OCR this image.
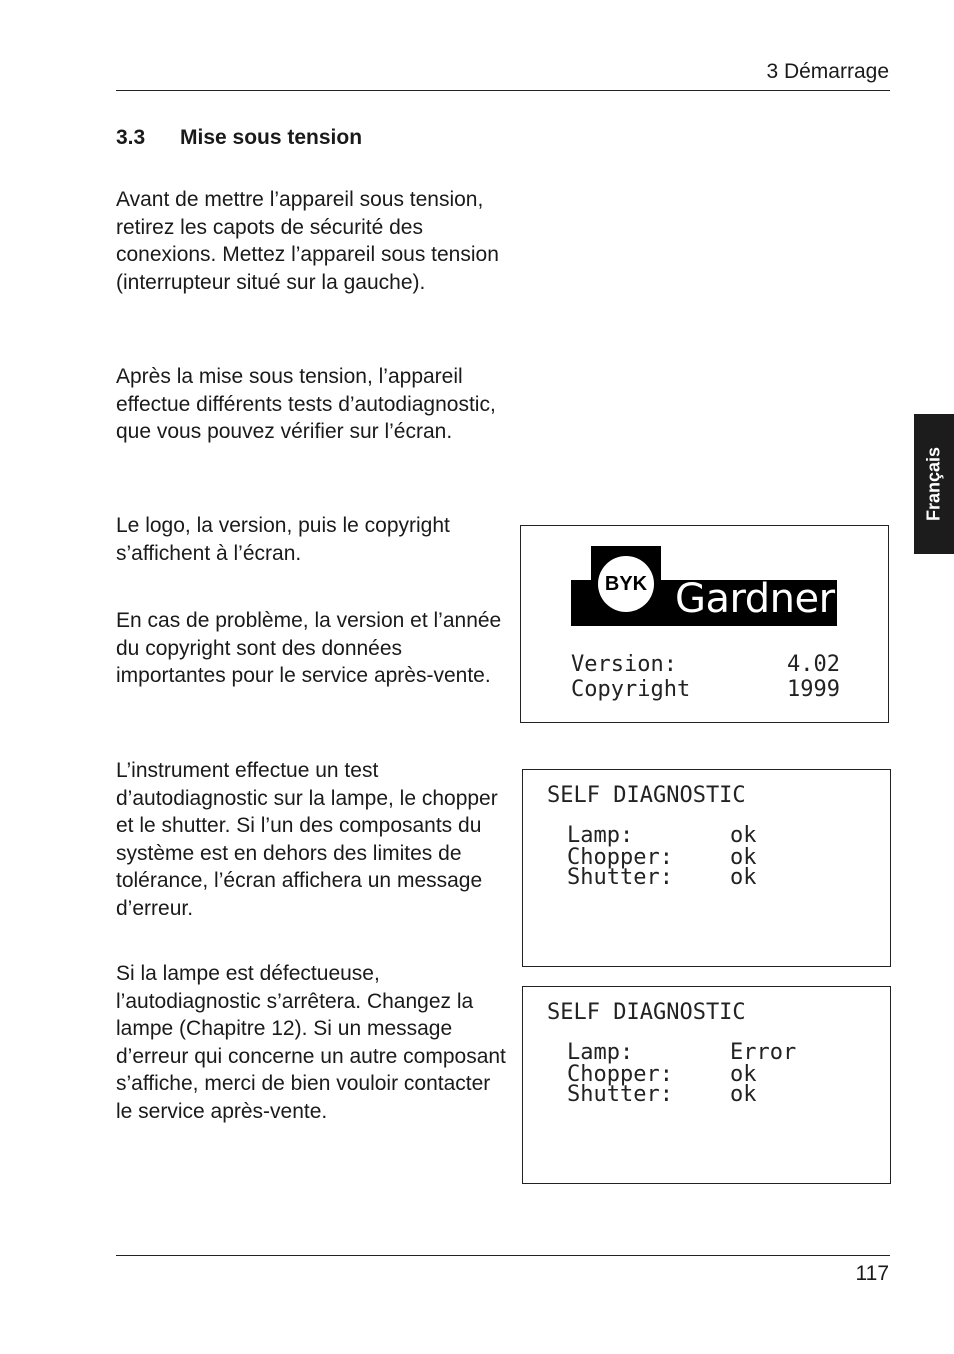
3 Démarrage
3.3 Mise sous tension

Avant de mettre l’appareil sous tension, retirez les capots de sécurité des conexions. Mettez l’appareil sous tension (interrupteur situé sur la gauche).

Après la mise sous tension, l’appareil effectue différents tests d’autodiagnostic, que vous pouvez vérifier sur l’écran.

Le logo, la version, puis le copyright s’affichent à l’écran.

En cas de problème, la version et l’année du copyright sont des données importantes pour le service après-vente.

L’instrument effectue un test d’autodiagnostic sur la lampe, le chopper et le shutter. Si l’un des composants du système est en dehors des limites de tolérance, l’écran affichera un message d’erreur.

Si la lampe est défectueuse, l’autodiagnostic s’arrêtera. Changez la lampe (Chapitre 12). Si un message d’erreur qui concerne un autre composant s’affiche, merci de bien vouloir contacter le service après-vente.

Français
BYK Gardner
Version:	4.02
Copyright	1999
SELF DIAGNOSTIC
Lamp:	ok
Chopper:	ok
Shutter:	ok
SELF DIAGNOSTIC
Lamp:	Error
Chopper:	ok
Shutter:	ok
117
